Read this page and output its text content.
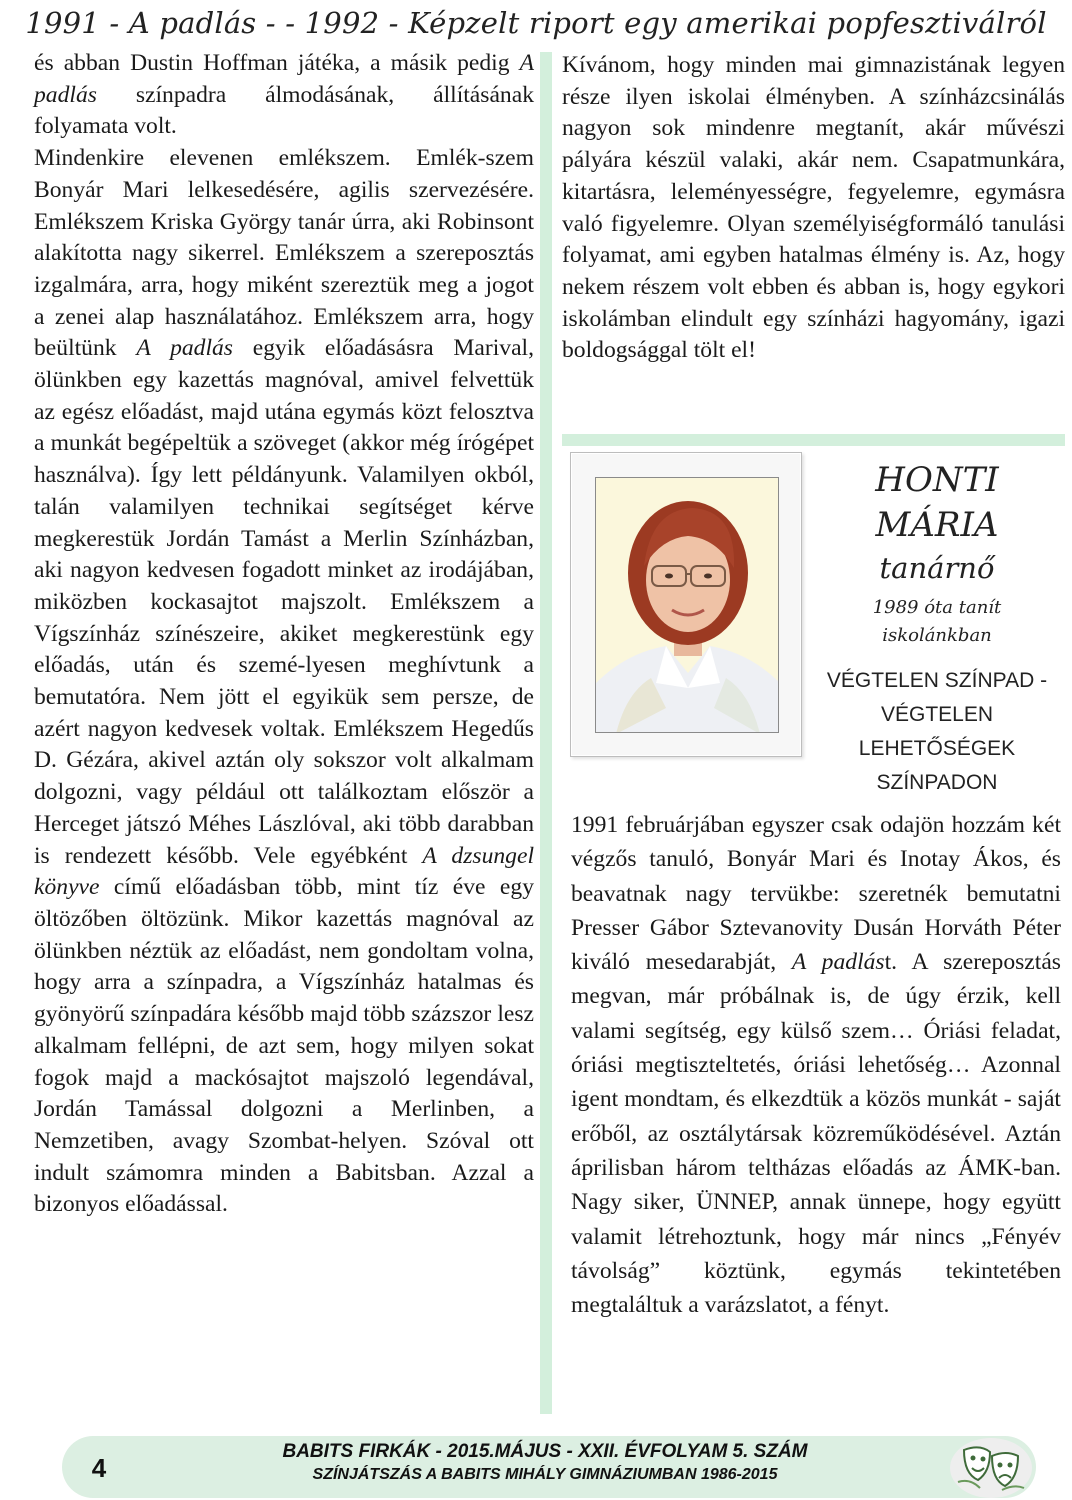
1991 - A padlás - - 1992 - Képzelt riport egy amerikai popfesztiválról

és abban Dustin Hoffman játéka, a másik pedig A padlás színpadra álmodásának, állításának folyamata volt.

Mindenkire elevenen emlékszem. Emlék-szem Bonyár Mari lelkesedésére, agilis szervezésére. Emlékszem Kriska György tanár úrra, aki Robinsont alakította nagy sikerrel. Emlékszem a szereposztás izgalmára, arra, hogy miként szereztük meg a jogot a zenei alap használatához. Emlékszem arra, hogy beültünk A padlás egyik előadásásra Marival, ölünkben egy kazettás magnóval, amivel felvettük az egész előadást, majd utána egymás közt felosztva a munkát begépeltük a szöveget (akkor még írógépet használva). Így lett példányunk. Valamilyen okból, talán valamilyen technikai segítséget kérve megkerestük Jordán Tamást a Merlin Színházban, aki nagyon kedvesen fogadott minket az irodájában, miközben kockasajtot majszolt. Emlékszem a Vígszínház színészeire, akiket megkerestünk egy előadás, után és szemé-lyesen meghívtunk a bemutatóra. Nem jött el egyikük sem persze, de azért nagyon kedvesek voltak. Emlékszem Hegedűs D. Gézára, akivel aztán oly sokszor volt alkalmam dolgozni, vagy például ott találkoztam először a Herceget játszó Méhes Lászlóval, aki több darabban is rendezett később. Vele egyébként A dzsungel könyve című előadásban több, mint tíz éve egy öltözőben öltözünk. Mikor kazettás magnóval az ölünkben néztük az előadást, nem gondoltam volna, hogy arra a színpadra, a Vígszínház hatalmas és gyönyörű színpadára később majd több százszor lesz alkalmam fellépni, de azt sem, hogy milyen sokat fogok majd a mackósajtot majszoló legendával, Jordán Tamással dolgozni a Merlinben, a Nemzetiben, avagy Szombat-helyen. Szóval ott indult számomra minden a Babitsban. Azzal a bizonyos előadással.

Kívánom, hogy minden mai gimnazistának legyen része ilyen iskolai élményben. A színházcsinálás nagyon sok mindenre megtanít, akár művészi pályára készül valaki, akár nem. Csapatmunkára, kitartásra, leleményességre, fegyelemre, egymásra való figyelemre. Olyan személyiségformáló tanulási folyamat, ami egyben hatalmas élmény is. Az, hogy nekem részem volt ebben és abban is, hogy egykori iskolámban elindult egy színházi hagyomány, igazi boldogsággal tölt el!
HONTI
MÁRIA
tanárnő
1989 óta tanít
iskolánkban
VÉGTELEN SZÍNPAD -
VÉGTELEN
LEHETŐSÉGEK
SZÍNPADON
1991 februárjában egyszer csak odajön hozzám két végzős tanuló, Bonyár Mari és Inotay Ákos, és beavatnak nagy tervükbe: szeretnék bemutatni Presser Gábor Sztevanovity Dusán Horváth Péter kiváló mesedarabját, A padlást. A szereposztás megvan, már próbálnak is, de úgy érzik, kell valami segítség, egy külső szem… Óriási feladat, óriási megtiszteltetés, óriási lehetőség… Azonnal igent mondtam, és elkezdtük a közös munkát - saját erőből, az osztálytársak közreműködésével. Aztán áprilisban három teltházas előadás az ÁMK-ban. Nagy siker, ÜNNEP, annak ünnepe, hogy együtt valamit létrehoztunk, hogy már nincs „Fényév távolság” köztünk, egymás tekintetében megtaláltuk a varázslatot, a fényt.
4
BABITS FIRKÁK - 2015.MÁJUS - XXII. ÉVFOLYAM 5. SZÁM
SZÍNJÁTSZÁS A BABITS MIHÁLY GIMNÁZIUMBAN 1986-2015
